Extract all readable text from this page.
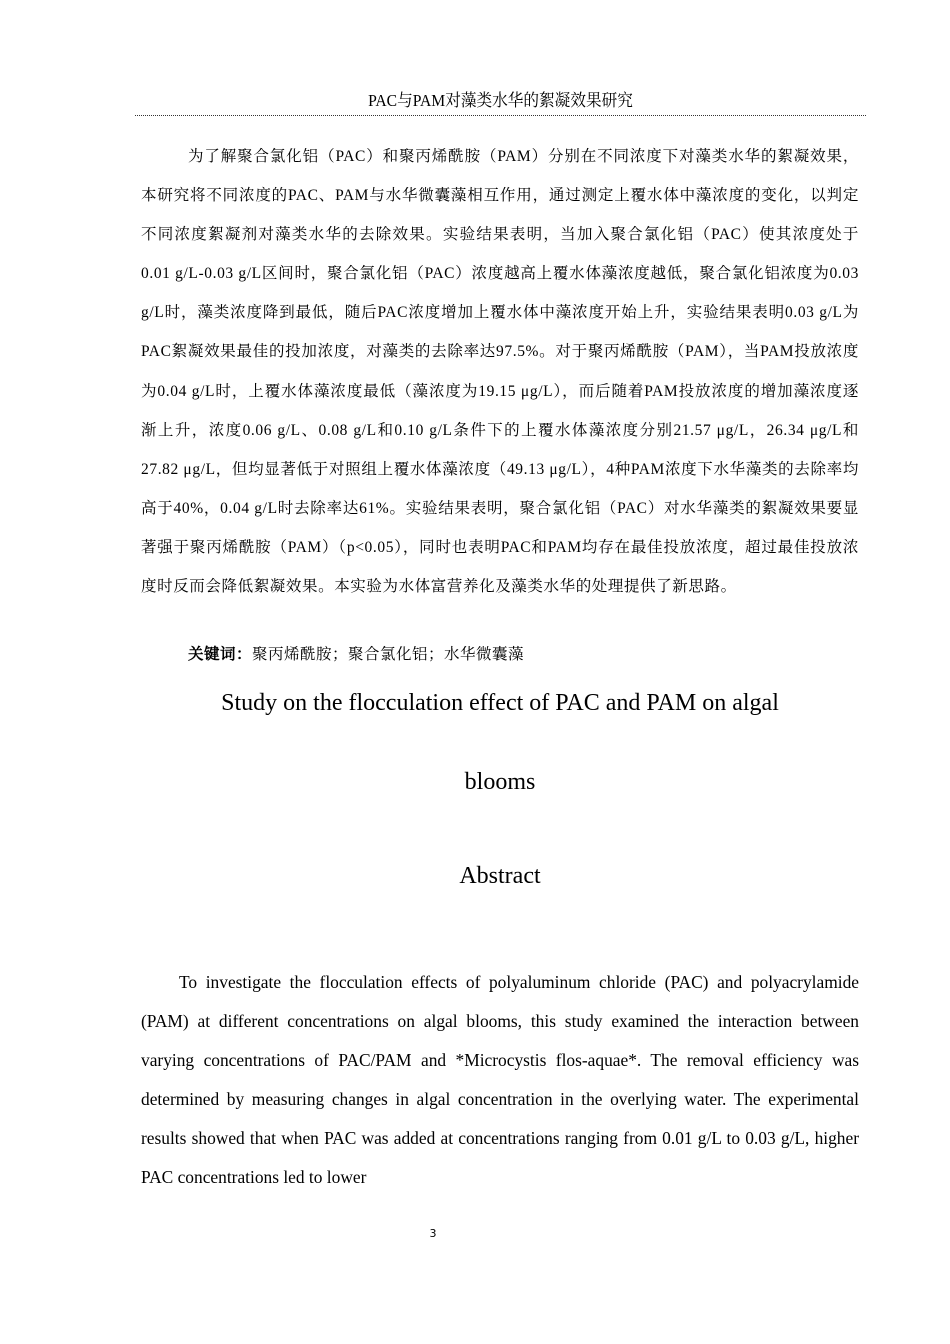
PAC与PAM对藻类水华的絮凝效果研究

为了解聚合氯化铝（PAC）和聚丙烯酰胺（PAM）分别在不同浓度下对藻类水华的絮凝效果，本研究将不同浓度的PAC、PAM与水华微囊藻相互作用，通过测定上覆水体中藻浓度的变化，以判定不同浓度絮凝剂对藻类水华的去除效果。实验结果表明，当加入聚合氯化铝（PAC）使其浓度处于0.01 g/L-0.03 g/L区间时，聚合氯化铝（PAC）浓度越高上覆水体藻浓度越低，聚合氯化铝浓度为0.03 g/L时，藻类浓度降到最低，随后PAC浓度增加上覆水体中藻浓度开始上升，实验结果表明0.03 g/L为PAC絮凝效果最佳的投加浓度，对藻类的去除率达97.5%。对于聚丙烯酰胺（PAM），当PAM投放浓度为0.04 g/L时，上覆水体藻浓度最低（藻浓度为19.15 μg/L），而后随着PAM投放浓度的增加藻浓度逐渐上升，浓度0.06 g/L、0.08 g/L和0.10 g/L条件下的上覆水体藻浓度分别21.57 μg/L，26.34 μg/L和27.82 μg/L，但均显著低于对照组上覆水体藻浓度（49.13 μg/L），4种PAM浓度下水华藻类的去除率均高于40%，0.04 g/L时去除率达61%。实验结果表明，聚合氯化铝（PAC）对水华藻类的絮凝效果要显著强于聚丙烯酰胺（PAM）（p<0.05），同时也表明PAC和PAM均存在最佳投放浓度，超过最佳投放浓度时反而会降低絮凝效果。本实验为水体富营养化及藻类水华的处理提供了新思路。

关键词：聚丙烯酰胺；聚合氯化铝；水华微囊藻
Study on the flocculation effect of PAC and PAM on algal
blooms
Abstract

To investigate the flocculation effects of polyaluminum chloride (PAC) and polyacrylamide (PAM) at different concentrations on algal blooms, this study examined the interaction between varying concentrations of PAC/PAM and *Microcystis flos-aquae*. The removal efficiency was determined by measuring changes in algal concentration in the overlying water. The experimental results showed that when PAC was added at concentrations ranging from 0.01 g/L to 0.03 g/L, higher PAC concentrations led to lower

3
